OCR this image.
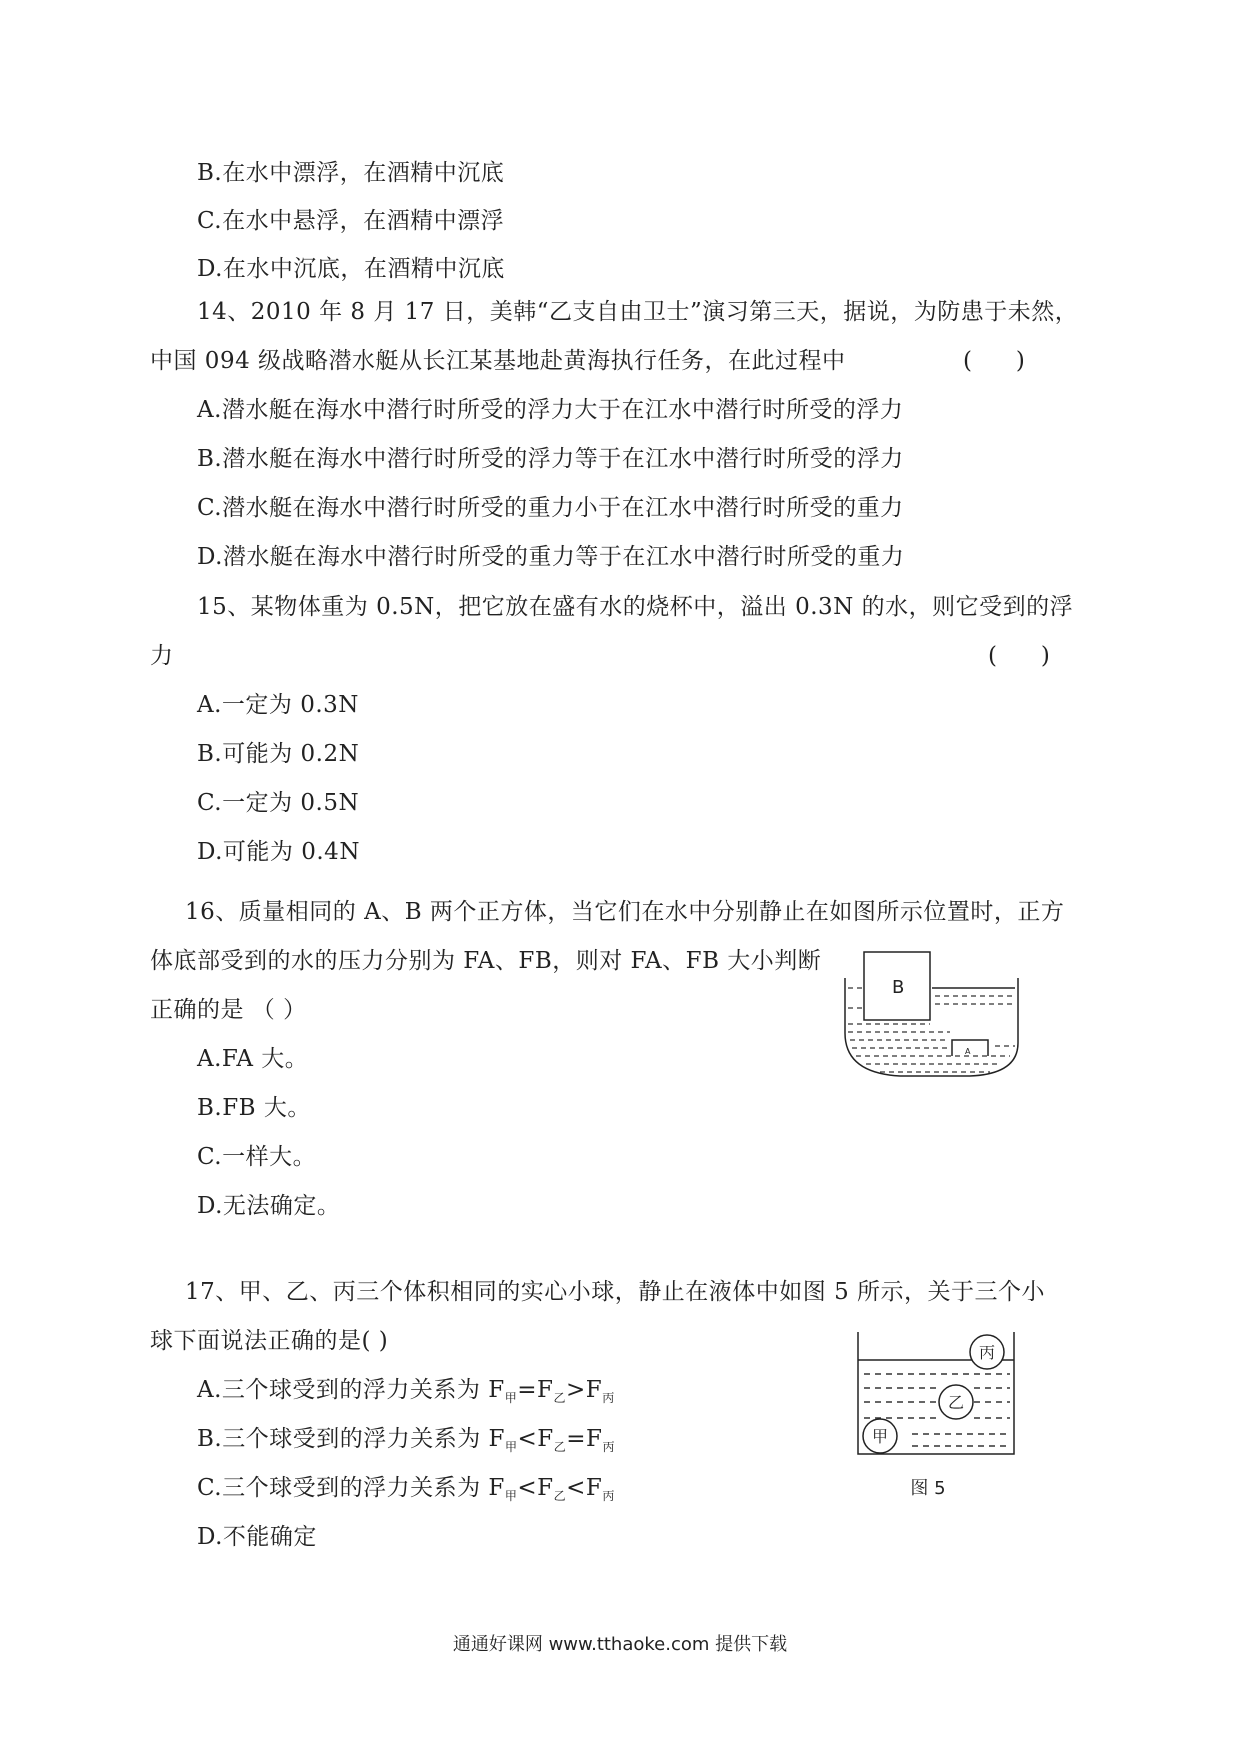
B.在水中漂浮，在酒精中沉底
C.在水中悬浮，在酒精中漂浮
D.在水中沉底，在酒精中沉底
14、2010 年 8 月 17 日，美韩“乙支自由卫士”演习第三天，据说，为防患于未然，
中国 094 级战略潜水艇从长江某基地赴黄海执行任务，在此过程中	(      )
A.潜水艇在海水中潜行时所受的浮力大于在江水中潜行时所受的浮力
B.潜水艇在海水中潜行时所受的浮力等于在江水中潜行时所受的浮力
C.潜水艇在海水中潜行时所受的重力小于在江水中潜行时所受的重力
D.潜水艇在海水中潜行时所受的重力等于在江水中潜行时所受的重力
15、某物体重为 0.5N，把它放在盛有水的烧杯中，溢出 0.3N 的水，则它受到的浮
力	(      )
A.一定为 0.3N
B.可能为 0.2N
C.一定为 0.5N
D.可能为 0.4N
16、质量相同的 A、B 两个正方体，当它们在水中分别静止在如图所示位置时，正方
体底部受到的水的压力分别为 FA、FB，则对 FA、FB 大小判断
正确的是 （ ）
A.FA 大。
B.FB 大。
C.一样大。
D.无法确定。
B
A
17、甲、乙、丙三个体积相同的实心小球，静止在液体中如图 5 所示，关于三个小
球下面说法正确的是( )
A.三个球受到的浮力关系为 $F_甲=F_乙>F_丙$
B.三个球受到的浮力关系为 $F_甲<F_乙=F_丙$
C.三个球受到的浮力关系为 $F_甲<F_乙<F_丙$
D.不能确定
丙
乙
甲
图 5
通通好课网 www.tthaoke.com 提供下载
